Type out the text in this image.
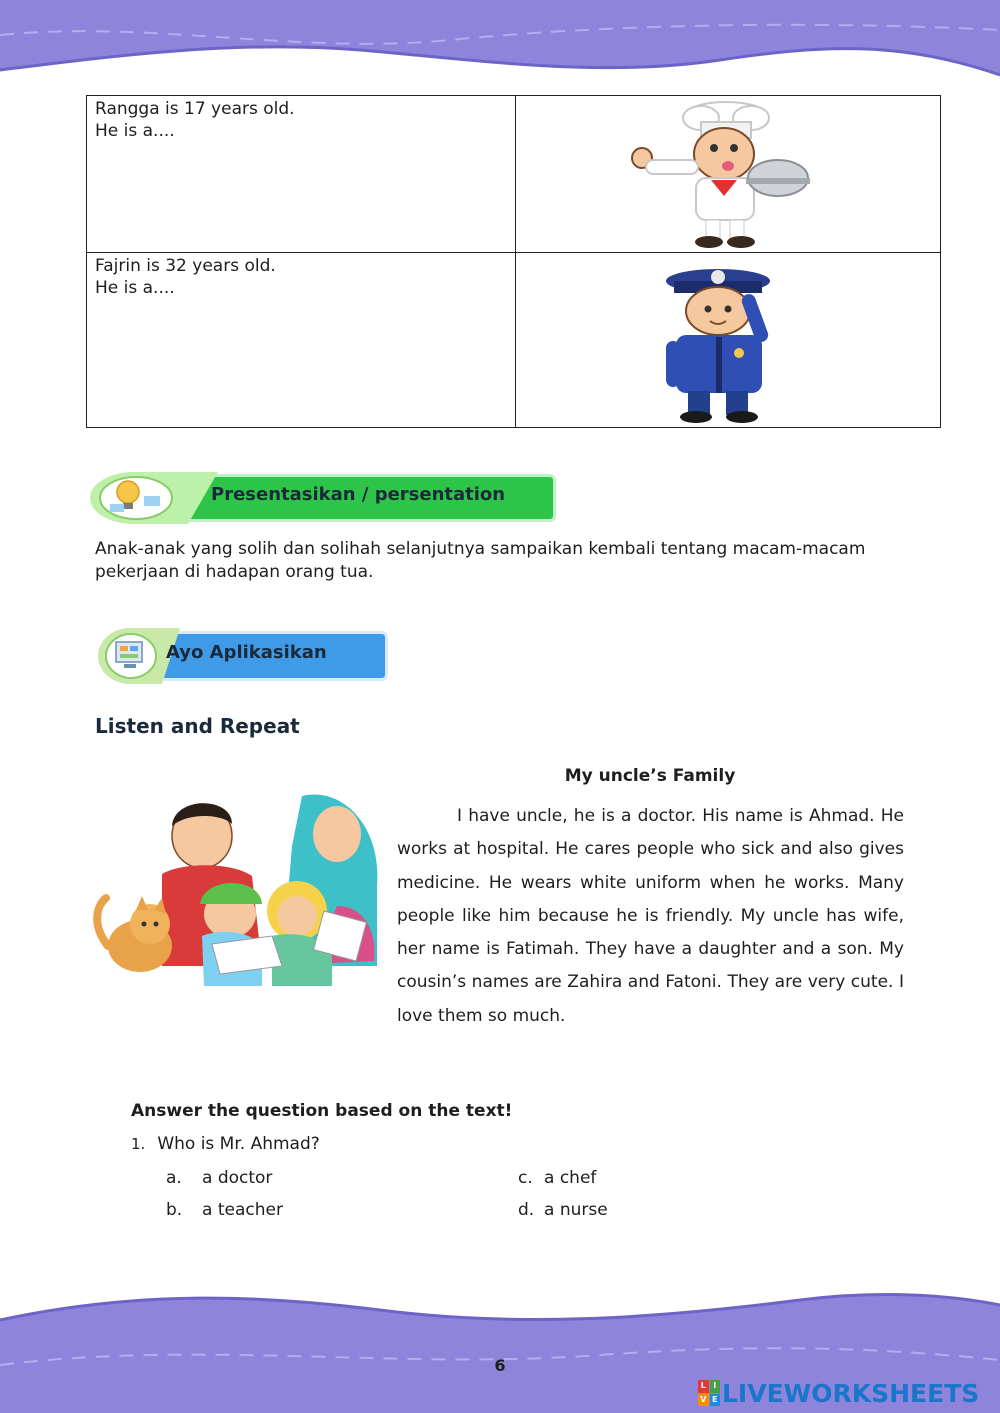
Rangga is 17 years old.
He is a....
Fajrin is 32 years old.
He is a....
Presentasikan / persentation
Anak-anak yang solih dan solihah selanjutnya sampaikan kembali tentang macam-macam pekerjaan di hadapan orang tua.
Ayo Aplikasikan
Listen and Repeat
My uncle’s Family
I have uncle, he is a doctor. His name is Ahmad. He works at hospital. He cares people who sick and also gives medicine. He wears white uniform when he works. Many people like him because he is friendly. My uncle has wife, her name is Fatimah. They have a daughter and a son. My cousin’s names are Zahira and Fatoni. They are very cute. I love them so much.
Answer the question based on the text!
1. Who is Mr. Ahmad?
a. a doctor
b. a teacher
c. a chef
d. a nurse
6
L I
V E LIVEWORKSHEETS
